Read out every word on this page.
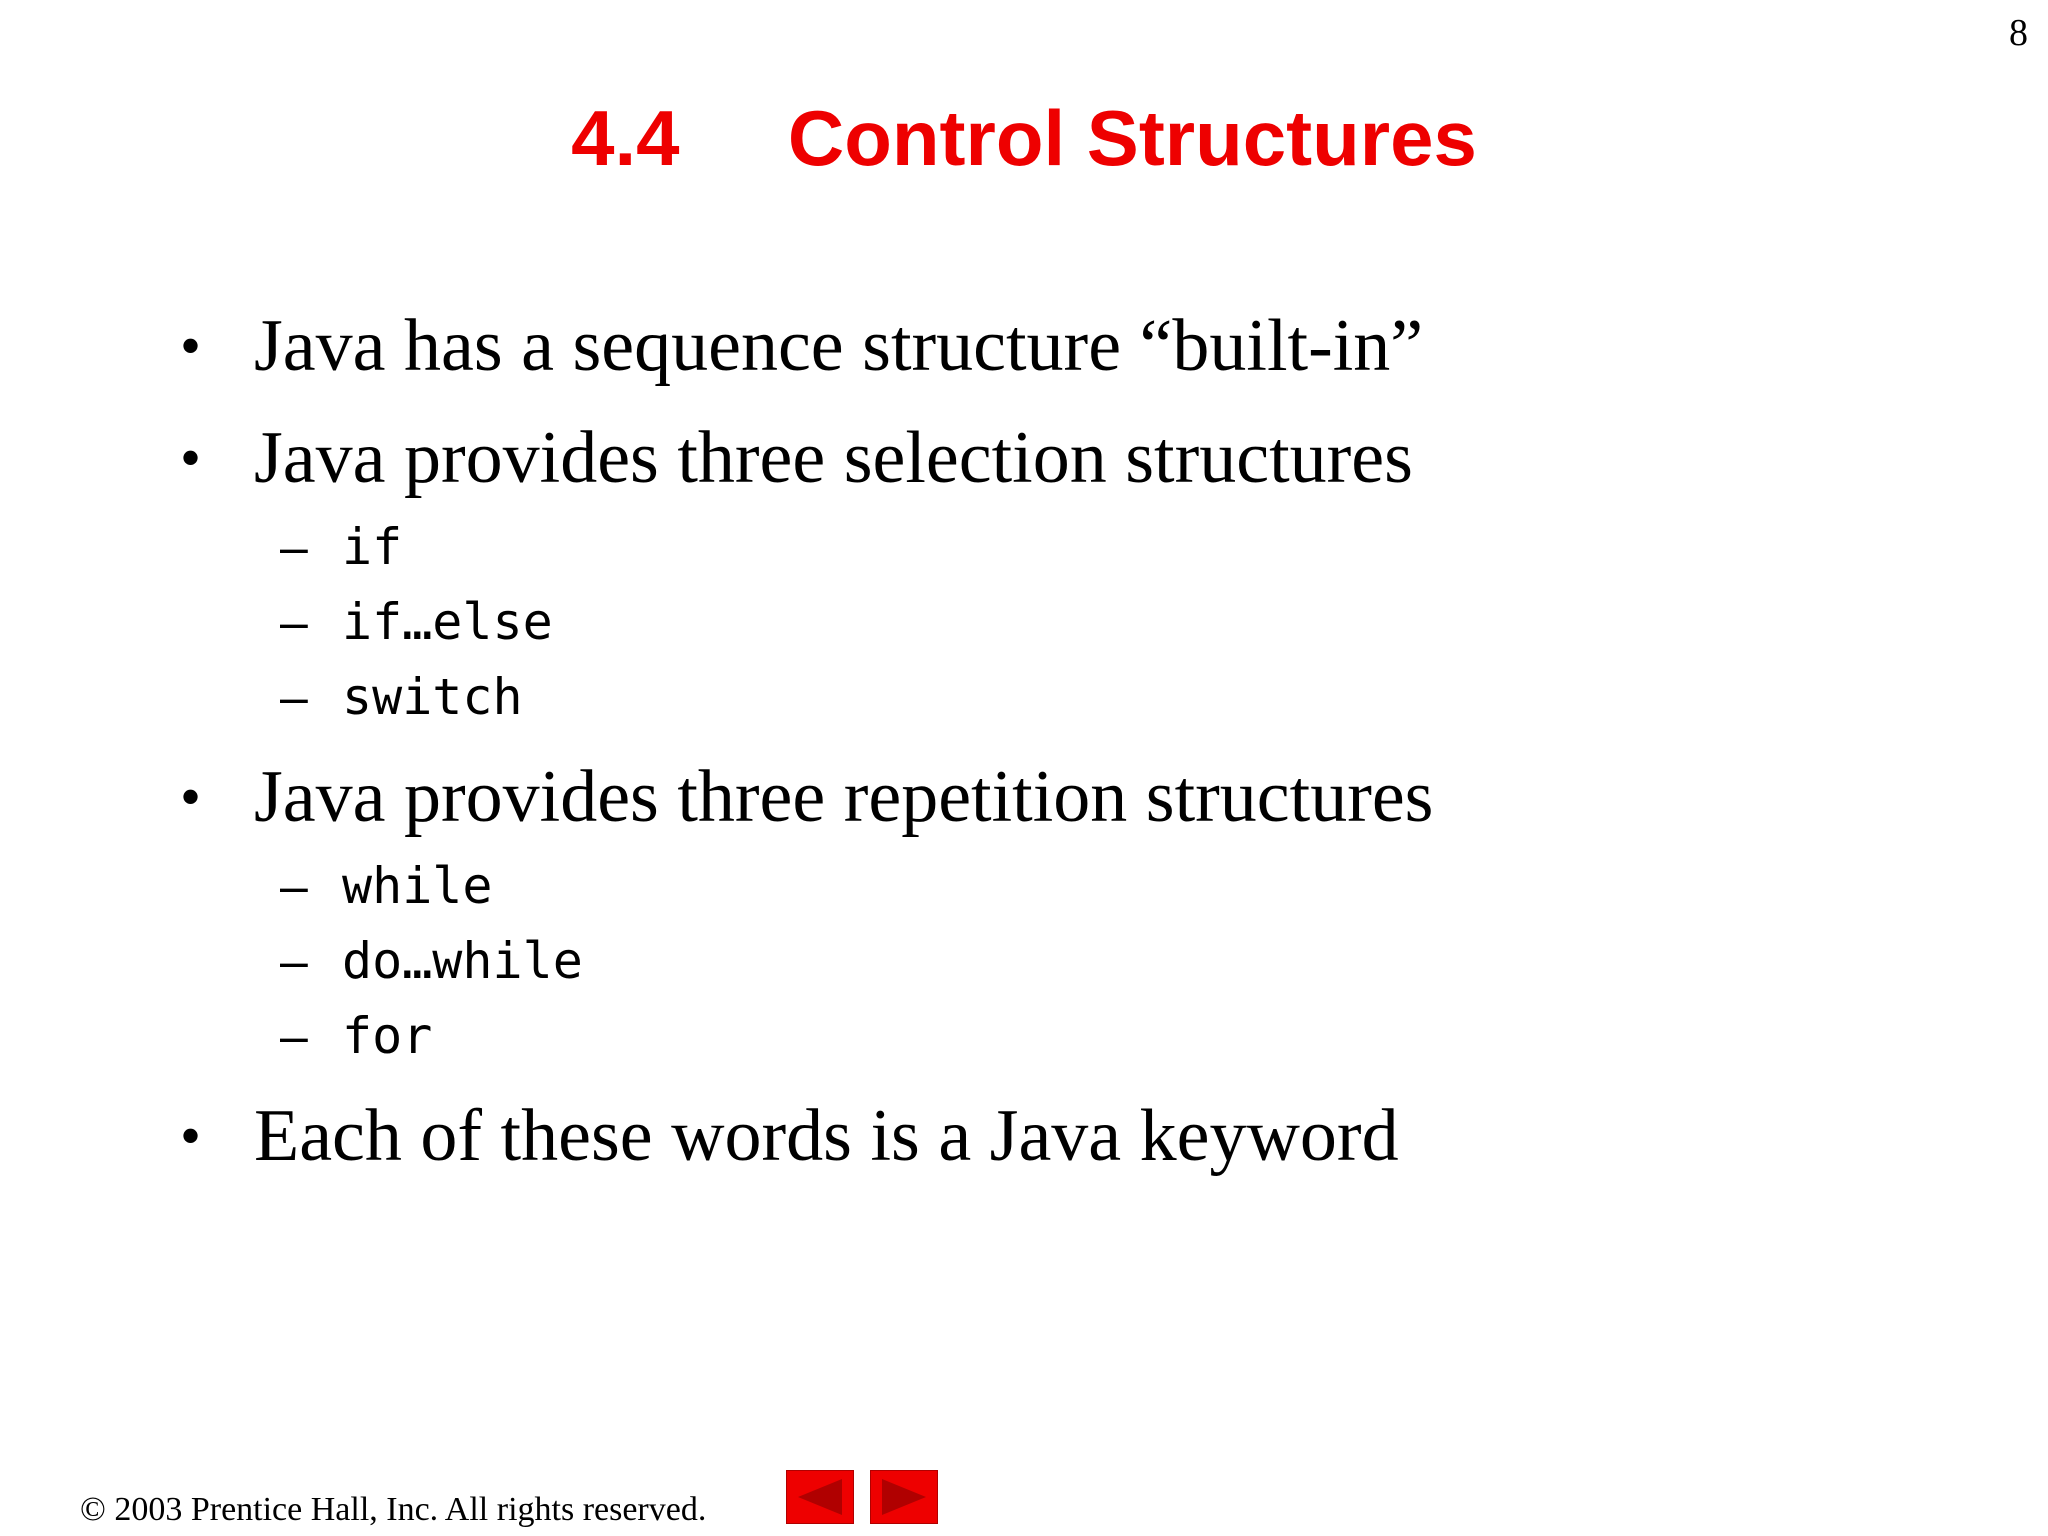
8
4.4     Control Structures
• Java has a sequence structure “built-in”
• Java provides three selection structures
– if
– if…else
– switch
• Java provides three repetition structures
– while
– do…while
– for
• Each of these words is a Java keyword
© 2003 Prentice Hall, Inc. All rights reserved.
